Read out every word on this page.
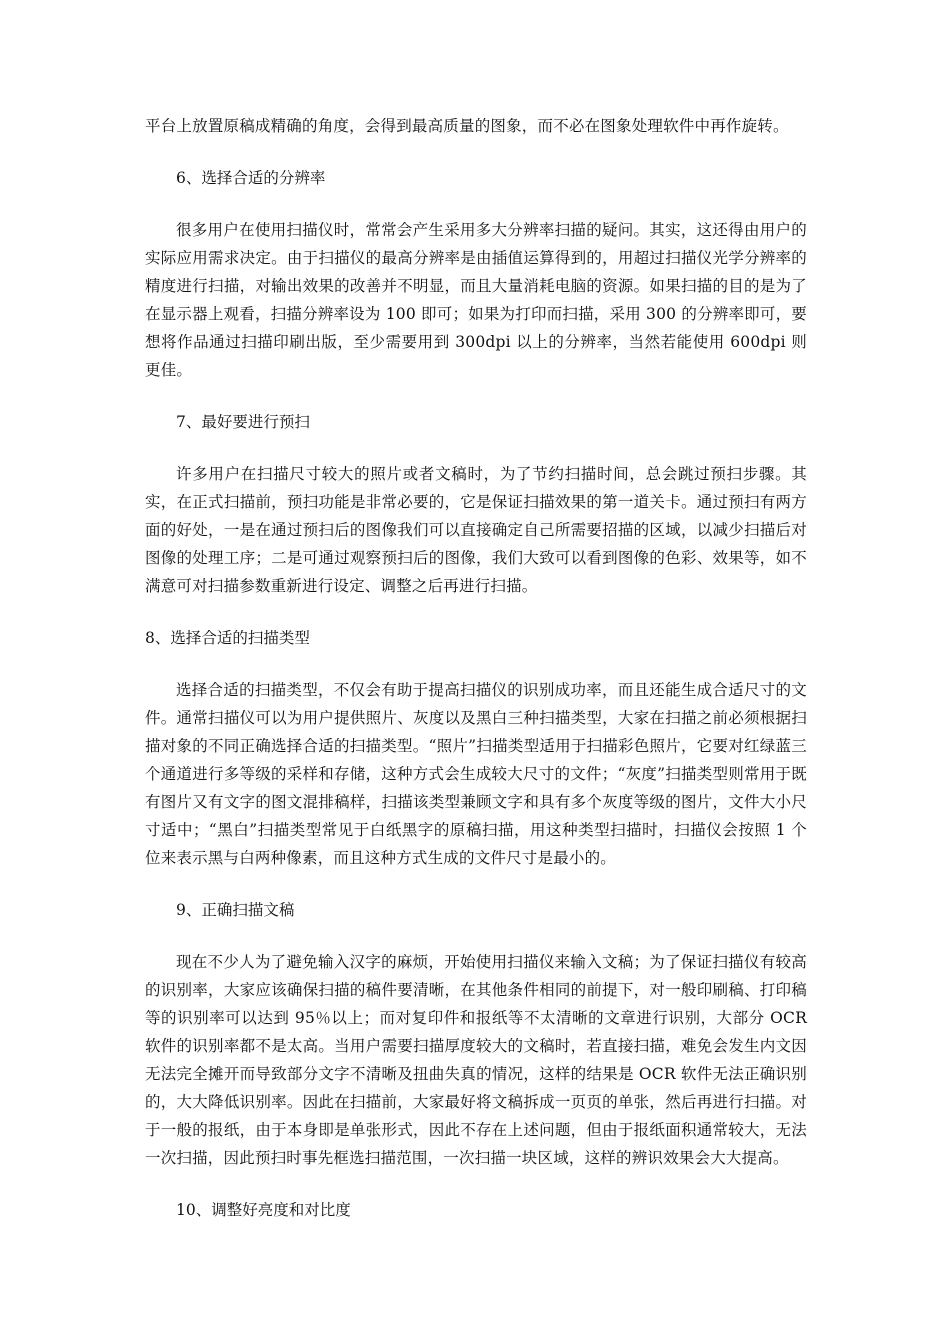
平台上放置原稿成精确的角度，会得到最高质量的图象，而不必在图象处理软件中再作旋转。

6、选择合适的分辨率

很多用户在使用扫描仪时，常常会产生采用多大分辨率扫描的疑问。其实，这还得由用户的实际应用需求决定。由于扫描仪的最高分辨率是由插值运算得到的，用超过扫描仪光学分辨率的精度进行扫描，对输出效果的改善并不明显，而且大量消耗电脑的资源。如果扫描的目的是为了在显示器上观看，扫描分辨率设为 100 即可；如果为打印而扫描，采用 300 的分辨率即可，要想将作品通过扫描印刷出版，至少需要用到 300dpi 以上的分辨率，当然若能使用 600dpi 则更佳。

7、最好要进行预扫

许多用户在扫描尺寸较大的照片或者文稿时，为了节约扫描时间，总会跳过预扫步骤。其实，在正式扫描前，预扫功能是非常必要的，它是保证扫描效果的第一道关卡。通过预扫有两方面的好处，一是在通过预扫后的图像我们可以直接确定自己所需要招描的区域，以减少扫描后对图像的处理工序；二是可通过观察预扫后的图像，我们大致可以看到图像的色彩、效果等，如不满意可对扫描参数重新进行设定、调整之后再进行扫描。

8、选择合适的扫描类型

选择合适的扫描类型，不仅会有助于提高扫描仪的识别成功率，而且还能生成合适尺寸的文件。通常扫描仪可以为用户提供照片、灰度以及黑白三种扫描类型，大家在扫描之前必须根据扫描对象的不同正确选择合适的扫描类型。“照片”扫描类型适用于扫描彩色照片，它要对红绿蓝三个通道进行多等级的采样和存储，这种方式会生成较大尺寸的文件；“灰度”扫描类型则常用于既有图片又有文字的图文混排稿样，扫描该类型兼顾文字和具有多个灰度等级的图片，文件大小尺寸适中；“黑白”扫描类型常见于白纸黑字的原稿扫描，用这种类型扫描时，扫描仪会按照 1 个位来表示黑与白两种像素，而且这种方式生成的文件尺寸是最小的。

9、正确扫描文稿

现在不少人为了避免输入汉字的麻烦，开始使用扫描仪来输入文稿；为了保证扫描仪有较高的识别率，大家应该确保扫描的稿件要清晰，在其他条件相同的前提下，对一般印刷稿、打印稿等的识别率可以达到 95％以上；而对复印件和报纸等不太清晰的文章进行识别，大部分 OCR 软件的识别率都不是太高。当用户需要扫描厚度较大的文稿时，若直接扫描，难免会发生内文因无法完全摊开而导致部分文字不清晰及扭曲失真的情况，这样的结果是 OCR 软件无法正确识别的，大大降低识别率。因此在扫描前，大家最好将文稿拆成一页页的单张，然后再进行扫描。对于一般的报纸，由于本身即是单张形式，因此不存在上述问题，但由于报纸面积通常较大，无法一次扫描，因此预扫时事先框选扫描范围，一次扫描一块区域，这样的辨识效果会大大提高。

10、调整好亮度和对比度
